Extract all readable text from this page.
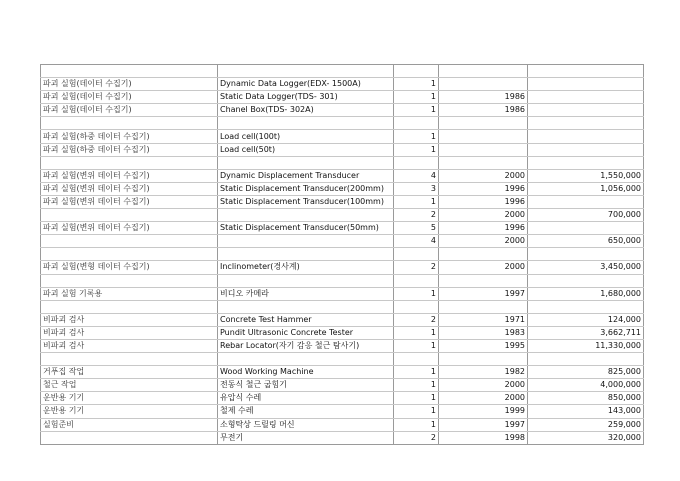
파괴 실험(데이터 수집기)	Dynamic Data Logger(EDX- 1500A)	1		
파괴 실험(데이터 수집기)	Static Data Logger(TDS- 301)	1	1986	
파괴 실험(데이터 수집기)	Chanel Box(TDS- 302A)	1	1986	

파괴 실험(하중 데이터 수집기)	Load cell(100t)	1		
파괴 실험(하중 데이터 수집기)	Load cell(50t)	1		

파괴 실험(변위 데이터 수집기)	Dynamic Displacement Transducer	4	2000	1,550,000
파괴 실험(변위 데이터 수집기)	Static Displacement Transducer(200mm)	3	1996	1,056,000
파괴 실험(변위 데이터 수집기)	Static Displacement Transducer(100mm)	1	1996	
		2	2000	700,000
파괴 실험(변위 데이터 수집기)	Static Displacement Transducer(50mm)	5	1996	
		4	2000	650,000

파괴 실험(변형 데이터 수집기)	Inclinometer(경사계)	2	2000	3,450,000

파괴 실험 기록용	비디오 카메라	1	1997	1,680,000

비파괴 검사	Concrete Test Hammer	2	1971	124,000
비파괴 검사	Pundit Ultrasonic Concrete Tester	1	1983	3,662,711
비파괴 검사	Rebar Locator(자기 감응 철근 탐사기)	1	1995	11,330,000

거푸집 작업	Wood Working Machine	1	1982	825,000
철근 작업	전동식 철근 굽힘기	1	2000	4,000,000
운반용 기기	유압식 수레	1	2000	850,000
운반용 기기	철제 수레	1	1999	143,000
실험준비	소형탁상 드릴링 머신	1	1997	259,000
	무전기	2	1998	320,000
